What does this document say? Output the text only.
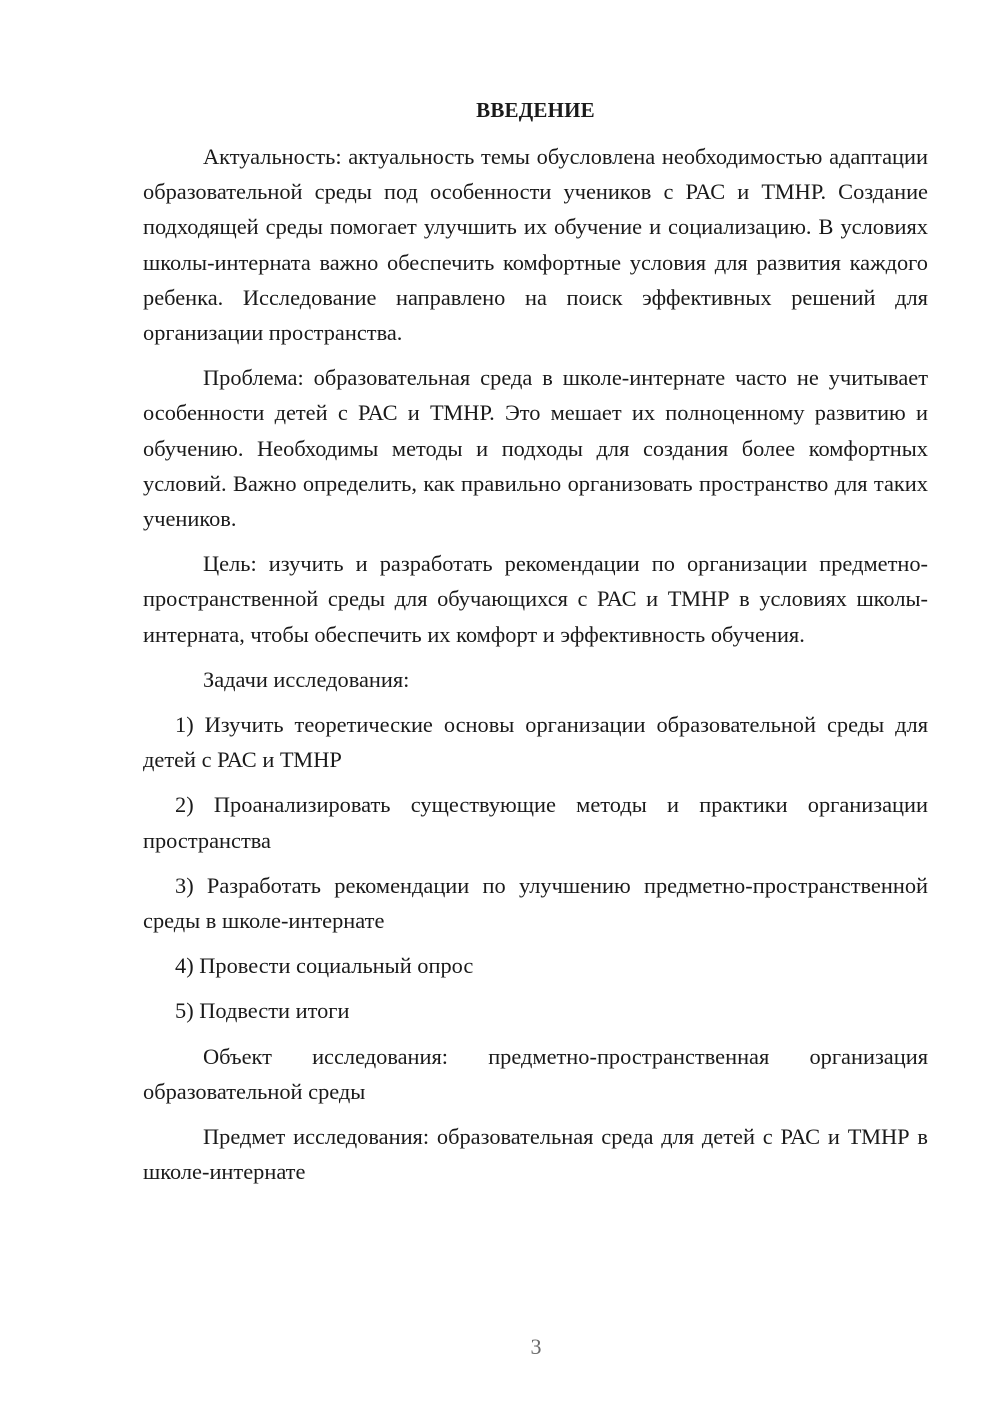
ВВЕДЕНИЕ

Актуальность: актуальность темы обусловлена необходимостью адаптации образовательной среды под особенности учеников с РАС и ТМНР. Создание подходящей среды помогает улучшить их обучение и социализацию. В условиях школы-интерната важно обеспечить комфортные условия для развития каждого ребенка. Исследование направлено на поиск эффективных решений для организации пространства.

Проблема: образовательная среда в школе-интернате часто не учитывает особенности детей с РАС и ТМНР. Это мешает их полноценному развитию и обучению. Необходимы методы и подходы для создания более комфортных условий. Важно определить, как правильно организовать пространство для таких учеников.

Цель: изучить и разработать рекомендации по организации предметно-пространственной среды для обучающихся с РАС и ТМНР в условиях школы-интерната, чтобы обеспечить их комфорт и эффективность обучения.

Задачи исследования:

1) Изучить теоретические основы организации образовательной среды для детей с РАС и ТМНР

2) Проанализировать существующие методы и практики организации пространства

3) Разработать рекомендации по улучшению предметно-пространственной среды в школе-интернате

4) Провести социальный опрос

5) Подвести итоги

Объект исследования: предметно-пространственная организация образовательной среды

Предмет исследования: образовательная среда для детей с РАС и ТМНР в школе-интернате

3
